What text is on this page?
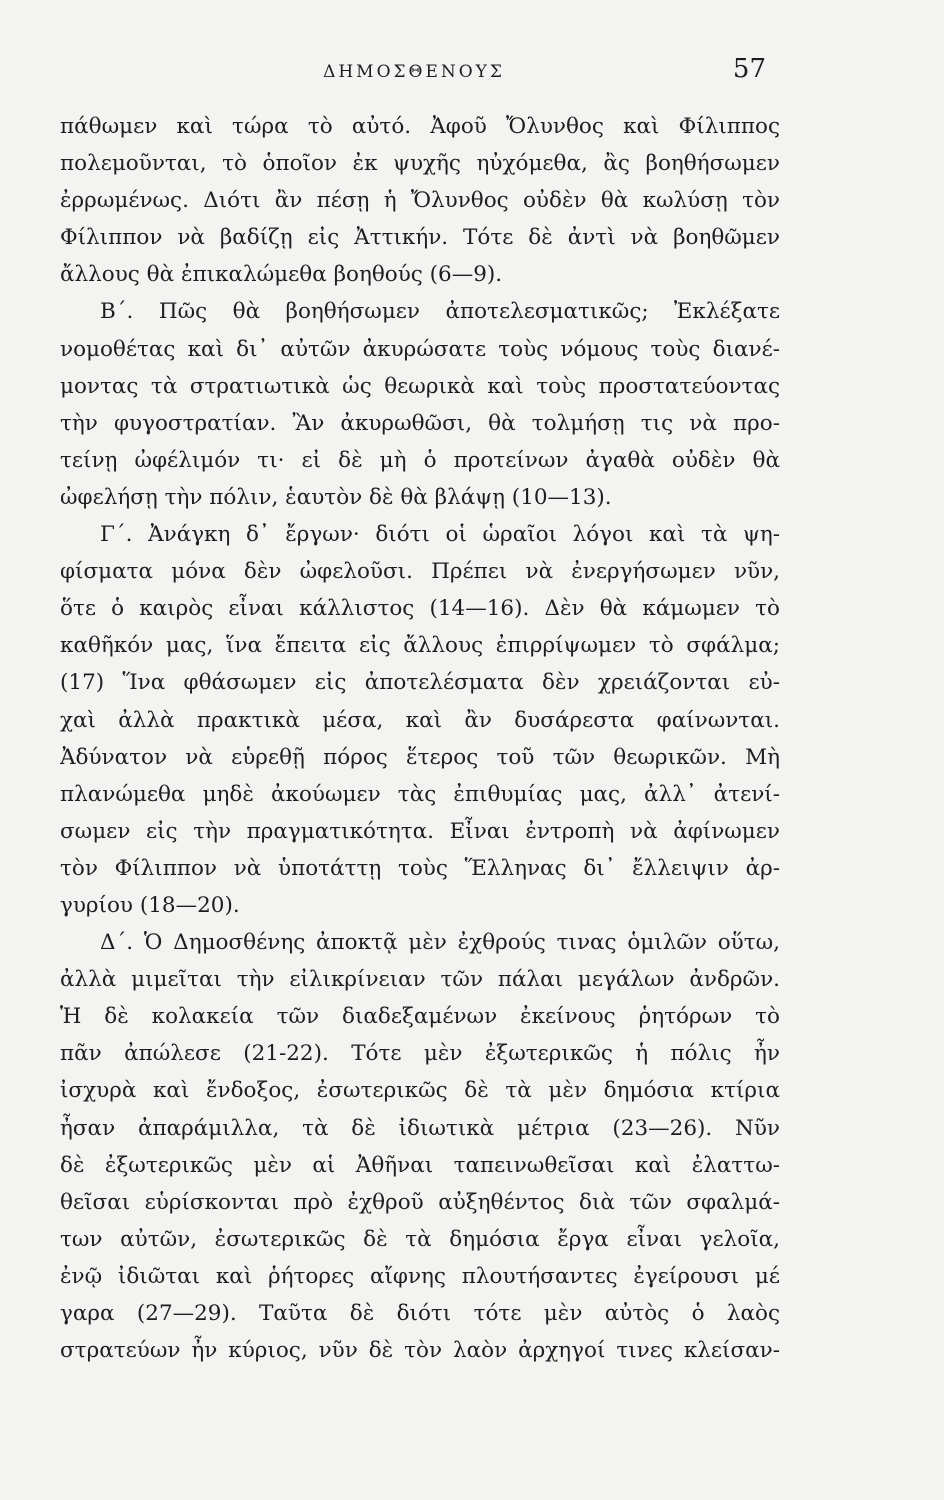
ΔΗΜΟΣΘΕΝΟΥΣ	57
πάθωμεν καὶ τώρα τὸ αὐτό. Ἀφοῦ Ὄλυνθος καὶ Φίλιππος
πολεμοῦνται, τὸ ὁποῖον ἐκ ψυχῆς ηὐχόμεθα, ἂς βοηθήσωμεν
ἐρρωμένως. Διότι ἂν πέσῃ ἡ Ὄλυνθος οὐδὲν θὰ κωλύσῃ τὸν
Φίλιππον νὰ βαδίζῃ εἰς Ἀττικήν. Τότε δὲ ἀντὶ νὰ βοηθῶμεν
ἄλλους θὰ ἐπικαλώμεθα βοηθούς (6—9).
Β΄. Πῶς θὰ βοηθήσωμεν ἀποτελεσματικῶς; Ἐκλέξατε
νομοθέτας καὶ δι᾽ αὐτῶν ἀκυρώσατε τοὺς νόμους τοὺς διανέ-
μοντας τὰ στρατιωτικὰ ὡς θεωρικὰ καὶ τοὺς προστατεύοντας
τὴν φυγοστρατίαν. Ἂν ἀκυρωθῶσι, θὰ τολμήσῃ τις νὰ προ-
τείνῃ ὠφέλιμόν τι· εἰ δὲ μὴ ὁ προτείνων ἀγαθὰ οὐδὲν θὰ
ὠφελήσῃ τὴν πόλιν, ἑαυτὸν δὲ θὰ βλάψῃ (10—13).
Γ΄. Ἀνάγκη δ᾽ ἔργων· διότι οἱ ὡραῖοι λόγοι καὶ τὰ ψη-
φίσματα μόνα δὲν ὠφελοῦσι. Πρέπει νὰ ἐνεργήσωμεν νῦν,
ὅτε ὁ καιρὸς εἶναι κάλλιστος (14—16). Δὲν θὰ κάμωμεν τὸ
καθῆκόν μας, ἵνα ἔπειτα εἰς ἄλλους ἐπιρρίψωμεν τὸ σφάλμα;
(17) Ἵνα φθάσωμεν εἰς ἀποτελέσματα δὲν χρειάζονται εὐ-
χαὶ ἀλλὰ πρακτικὰ μέσα, καὶ ἂν δυσάρεστα φαίνωνται.
Ἀδύνατον νὰ εὑρεθῇ πόρος ἕτερος τοῦ τῶν θεωρικῶν. Μὴ
πλανώμεθα μηδὲ ἀκούωμεν τὰς ἐπιθυμίας μας, ἀλλ᾽ ἀτενί-
σωμεν εἰς τὴν πραγματικότητα. Εἶναι ἐντροπὴ νὰ ἀφίνωμεν
τὸν Φίλιππον νὰ ὑποτάττῃ τοὺς Ἕλληνας δι᾽ ἔλλειψιν ἀρ-
γυρίου (18—20).
Δ΄. Ὁ Δημοσθένης ἀποκτᾷ μὲν ἐχθρούς τινας ὁμιλῶν οὕτω,
ἀλλὰ μιμεῖται τὴν εἰλικρίνειαν τῶν πάλαι μεγάλων ἀνδρῶν.
Ἡ δὲ κολακεία τῶν διαδεξαμένων ἐκείνους ῥητόρων τὸ
πᾶν ἀπώλεσε (21-22). Τότε μὲν ἐξωτερικῶς ἡ πόλις ἦν
ἰσχυρὰ καὶ ἔνδοξος, ἐσωτερικῶς δὲ τὰ μὲν δημόσια κτίρια
ἦσαν ἀπαράμιλλα, τὰ δὲ ἰδιωτικὰ μέτρια (23—26). Νῦν
δὲ ἐξωτερικῶς μὲν αἱ Ἀθῆναι ταπεινωθεῖσαι καὶ ἐλαττω-
θεῖσαι εὑρίσκονται πρὸ ἐχθροῦ αὐξηθέντος διὰ τῶν σφαλμά-
των αὐτῶν, ἐσωτερικῶς δὲ τὰ δημόσια ἔργα εἶναι γελοῖα,
ἐνῷ ἰδιῶται καὶ ῥήτορες αἴφνης πλουτήσαντες ἐγείρουσι μέ
γαρα (27—29). Ταῦτα δὲ διότι τότε μὲν αὐτὸς ὁ λαὸς
στρατεύων ἦν κύριος, νῦν δὲ τὸν λαὸν ἀρχηγοί τινες κλείσαν-
